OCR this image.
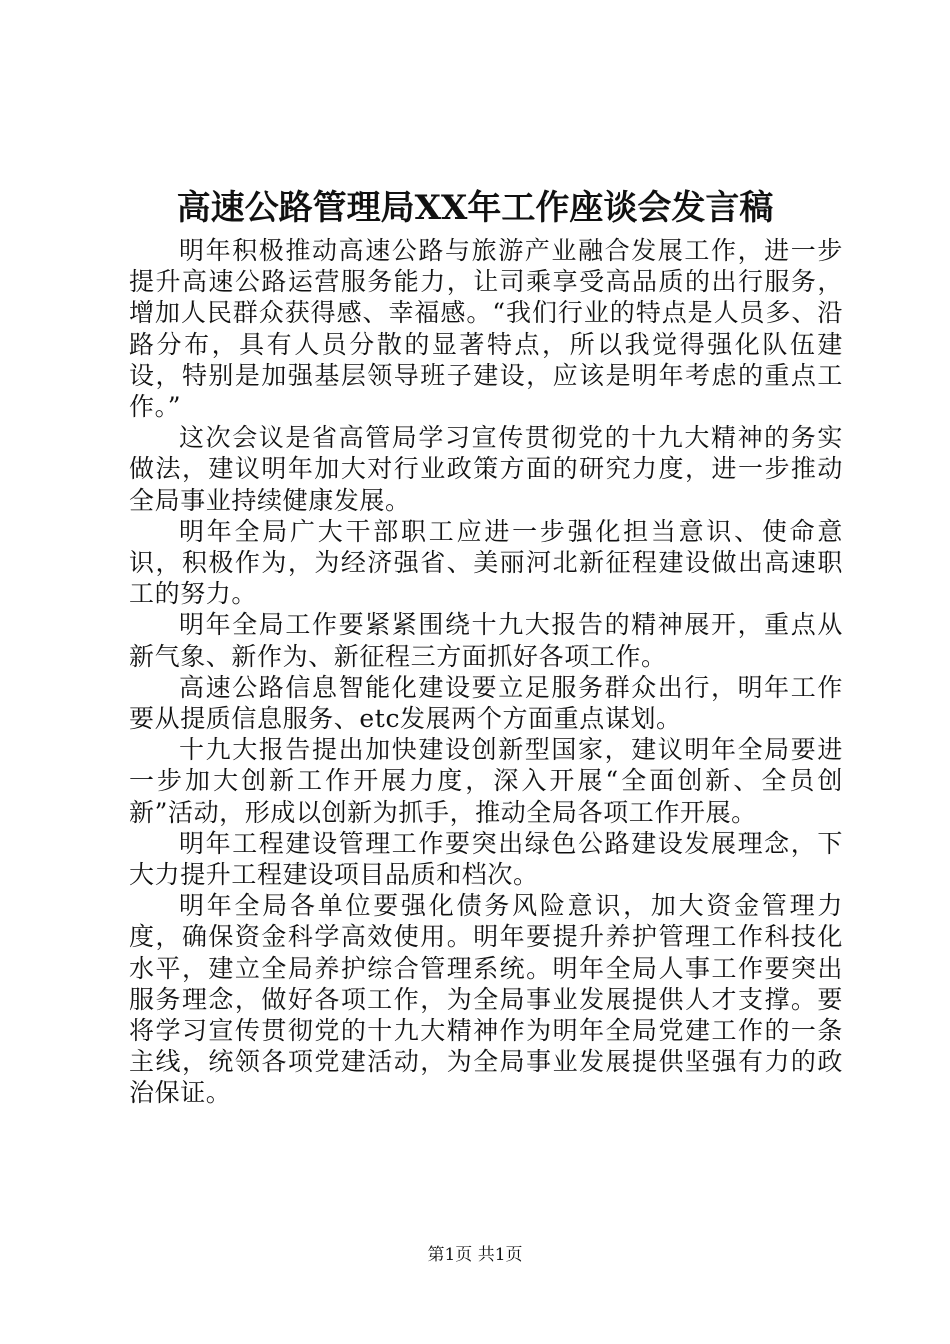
高速公路管理局XX年工作座谈会发言稿

明年积极推动高速公路与旅游产业融合发展工作，进一步提升高速公路运营服务能力，让司乘享受高品质的出行服务，增加人民群众获得感、幸福感。“我们行业的特点是人员多、沿路分布，具有人员分散的显著特点，所以我觉得强化队伍建设，特别是加强基层领导班子建设，应该是明年考虑的重点工作。”

这次会议是省高管局学习宣传贯彻党的十九大精神的务实做法，建议明年加大对行业政策方面的研究力度，进一步推动全局事业持续健康发展。

明年全局广大干部职工应进一步强化担当意识、使命意识，积极作为，为经济强省、美丽河北新征程建设做出高速职工的努力。

明年全局工作要紧紧围绕十九大报告的精神展开，重点从新气象、新作为、新征程三方面抓好各项工作。

高速公路信息智能化建设要立足服务群众出行，明年工作要从提质信息服务、etc发展两个方面重点谋划。

十九大报告提出加快建设创新型国家，建议明年全局要进一步加大创新工作开展力度，深入开展“全面创新、全员创新”活动，形成以创新为抓手，推动全局各项工作开展。

明年工程建设管理工作要突出绿色公路建设发展理念，下大力提升工程建设项目品质和档次。

明年全局各单位要强化债务风险意识，加大资金管理力度，确保资金科学高效使用。明年要提升养护管理工作科技化水平，建立全局养护综合管理系统。明年全局人事工作要突出服务理念，做好各项工作，为全局事业发展提供人才支撑。要将学习宣传贯彻党的十九大精神作为明年全局党建工作的一条主线，统领各项党建活动，为全局事业发展提供坚强有力的政治保证。

第1页 共1页
